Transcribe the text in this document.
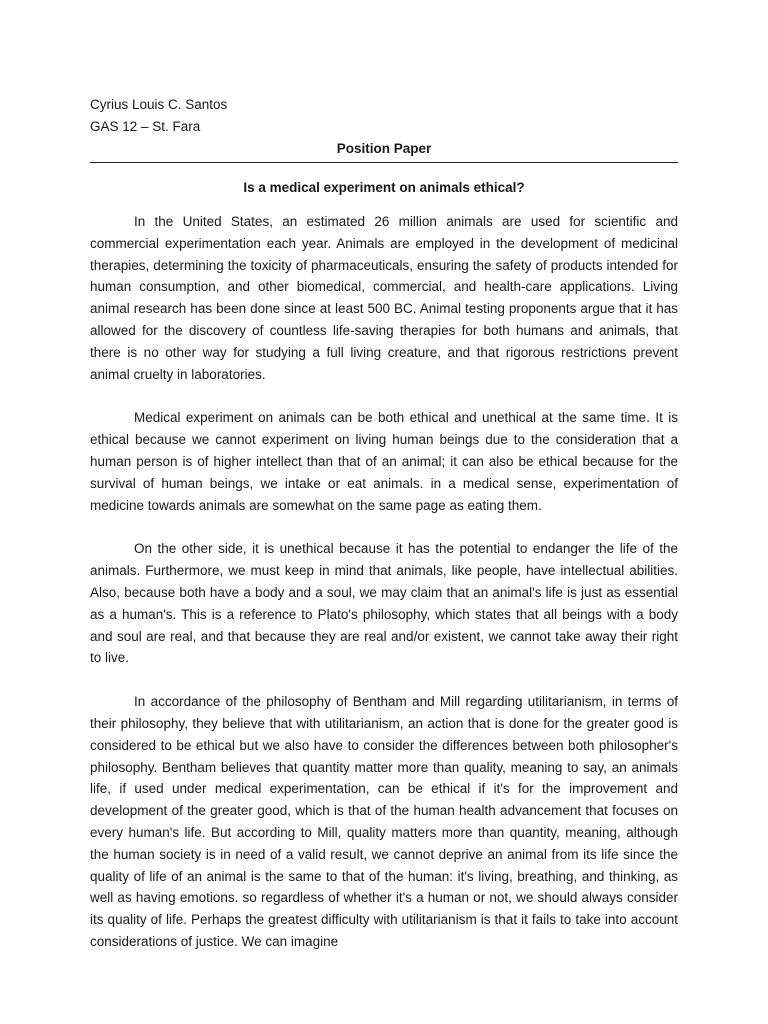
Cyrius Louis C. Santos

GAS 12 – St. Fara

Position Paper

Is a medical experiment on animals ethical?

In the United States, an estimated 26 million animals are used for scientific and commercial experimentation each year. Animals are employed in the development of medicinal therapies, determining the toxicity of pharmaceuticals, ensuring the safety of products intended for human consumption, and other biomedical, commercial, and health-care applications. Living animal research has been done since at least 500 BC. Animal testing proponents argue that it has allowed for the discovery of countless life-saving therapies for both humans and animals, that there is no other way for studying a full living creature, and that rigorous restrictions prevent animal cruelty in laboratories.

Medical experiment on animals can be both ethical and unethical at the same time. It is ethical because we cannot experiment on living human beings due to the consideration that a human person is of higher intellect than that of an animal; it can also be ethical because for the survival of human beings, we intake or eat animals. in a medical sense, experimentation of medicine towards animals are somewhat on the same page as eating them.

On the other side, it is unethical because it has the potential to endanger the life of the animals. Furthermore, we must keep in mind that animals, like people, have intellectual abilities. Also, because both have a body and a soul, we may claim that an animal's life is just as essential as a human's. This is a reference to Plato's philosophy, which states that all beings with a body and soul are real, and that because they are real and/or existent, we cannot take away their right to live.

In accordance of the philosophy of Bentham and Mill regarding utilitarianism, in terms of their philosophy, they believe that with utilitarianism, an action that is done for the greater good is considered to be ethical but we also have to consider the differences between both philosopher's philosophy. Bentham believes that quantity matter more than quality, meaning to say, an animals life, if used under medical experimentation, can be ethical if it's for the improvement and development of the greater good, which is that of the human health advancement that focuses on every human's life. But according to Mill, quality matters more than quantity, meaning, although the human society is in need of a valid result, we cannot deprive an animal from its life since the quality of life of an animal is the same to that of the human: it's living, breathing, and thinking, as well as having emotions. so regardless of whether it's a human or not, we should always consider its quality of life. Perhaps the greatest difficulty with utilitarianism is that it fails to take into account considerations of justice. We can imagine
